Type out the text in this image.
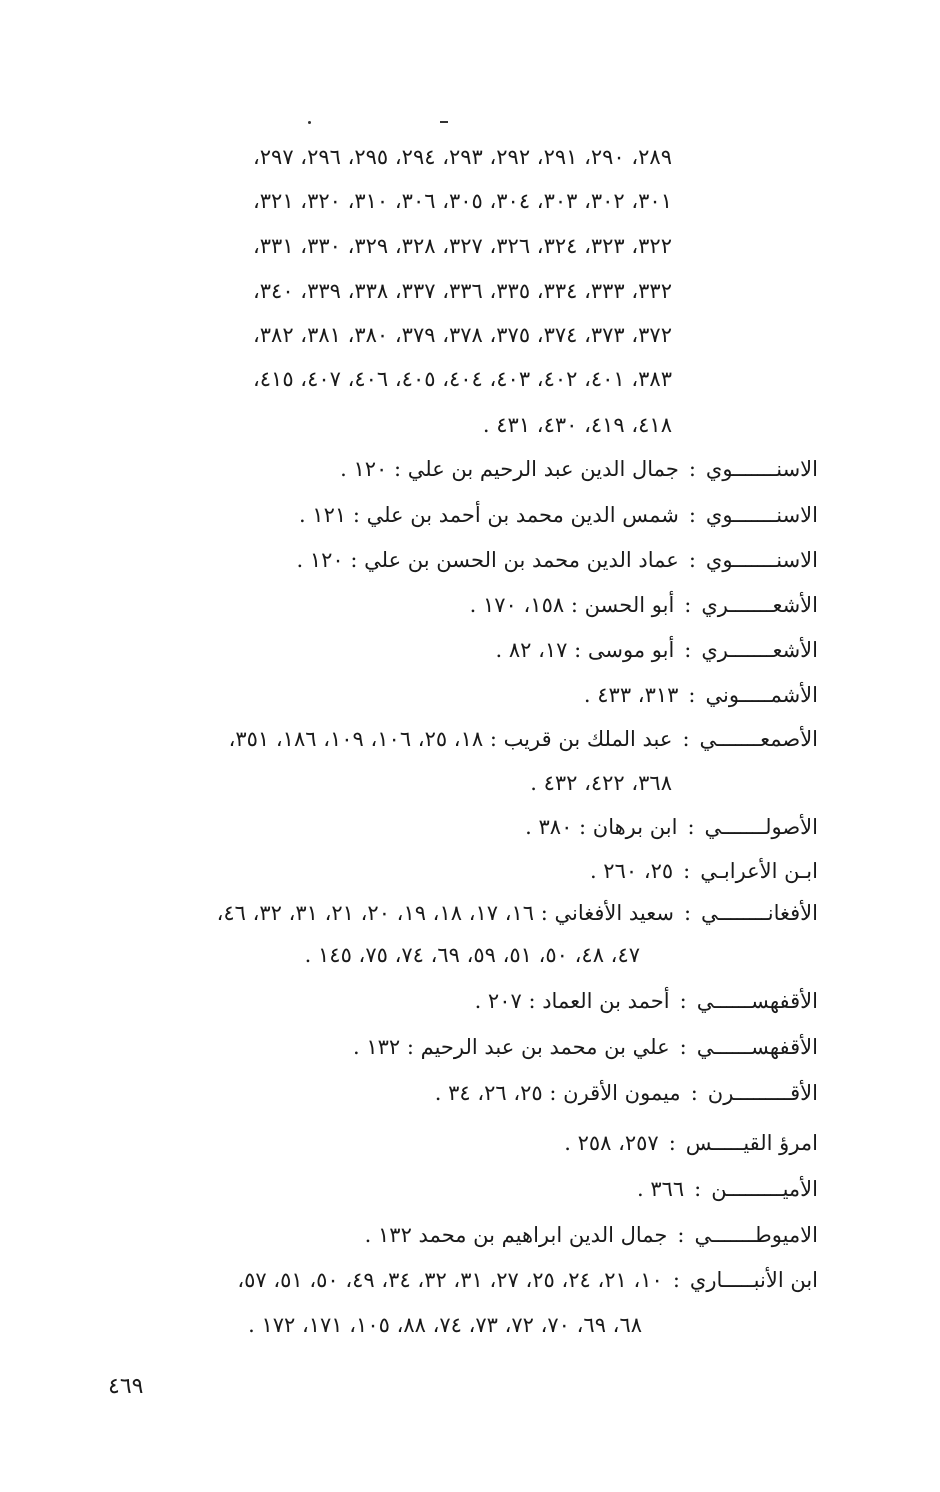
٢٨٩، ٢٩٠، ٢٩١، ٢٩٢، ٢٩٣، ٢٩٤، ٢٩٥، ٢٩٦، ٢٩٧،
٣٠١، ٣٠٢، ٣٠٣، ٣٠٤، ٣٠٥، ٣٠٦، ٣١٠، ٣٢٠، ٣٢١،
٣٢٢، ٣٢٣، ٣٢٤، ٣٢٦، ٣٢٧، ٣٢٨، ٣٢٩، ٣٣٠، ٣٣١،
٣٣٢، ٣٣٣، ٣٣٤، ٣٣٥، ٣٣٦، ٣٣٧، ٣٣٨، ٣٣٩، ٣٤٠،
٣٧٢، ٣٧٣، ٣٧٤، ٣٧٥، ٣٧٨، ٣٧٩، ٣٨٠، ٣٨١، ٣٨٢،
٣٨٣، ٤٠١، ٤٠٢، ٤٠٣، ٤٠٤، ٤٠٥، ٤٠٦، ٤٠٧، ٤١٥،
٤١٨، ٤١٩، ٤٣٠، ٤٣١ .
الاسنـــــــوي:جمال الدين عبد الرحيم بن علي : ١٢٠ .
الاسنـــــــوي:شمس الدين محمد بن أحمد بن علي : ١٢١ .
الاسنـــــــوي:عماد الدين محمد بن الحسن بن علي : ١٢٠ .
الأشعـــــــري:أبو الحسن : ١٥٨، ١٧٠ .
الأشعـــــــري:أبو موسى : ١٧، ٨٢ .
الأشمـــــوني:٣١٣، ٤٣٣ .
الأصمعـــــــي:عبد الملك بن قريب : ١٨، ٢٥، ١٠٦، ١٠٩، ١٨٦، ٣٥١،
٣٦٨، ٤٢٢، ٤٣٢ .
الأصولـــــــي:ابن برهان : ٣٨٠ .
ابـن الأعرابـي:٢٥، ٢٦٠ .
الأفغانــــــــي:سعيد الأفغاني : ١٦، ١٧، ١٨، ١٩، ٢٠، ٢١، ٣١، ٣٢، ٤٦،
٤٧، ٤٨، ٥٠، ٥١، ٥٩، ٦٩، ٧٤، ٧٥، ١٤٥ .
الأقفهســــــي:أحمد بن العماد : ٢٠٧ .
الأقفهســــــي:علي بن محمد بن عبد الرحيم : ١٣٢ .
الأقـــــــــرن:ميمون الأقرن : ٢٥، ٢٦، ٣٤ .
امرؤ القيـــــس:٢٥٧، ٢٥٨ .
الأميـــــــــن:٣٦٦ .
الاميوطـــــــي:جمال الدين ابراهيم بن محمد ١٣٢ .
ابن الأنبـــــاري:١٠، ٢١، ٢٤، ٢٥، ٢٧، ٣١، ٣٢، ٣٤، ٤٩، ٥٠، ٥١، ٥٧،
٦٨، ٦٩، ٧٠، ٧٢، ٧٣، ٧٤، ٨٨، ١٠٥، ١٧١، ١٧٢ .
٤٦٩
